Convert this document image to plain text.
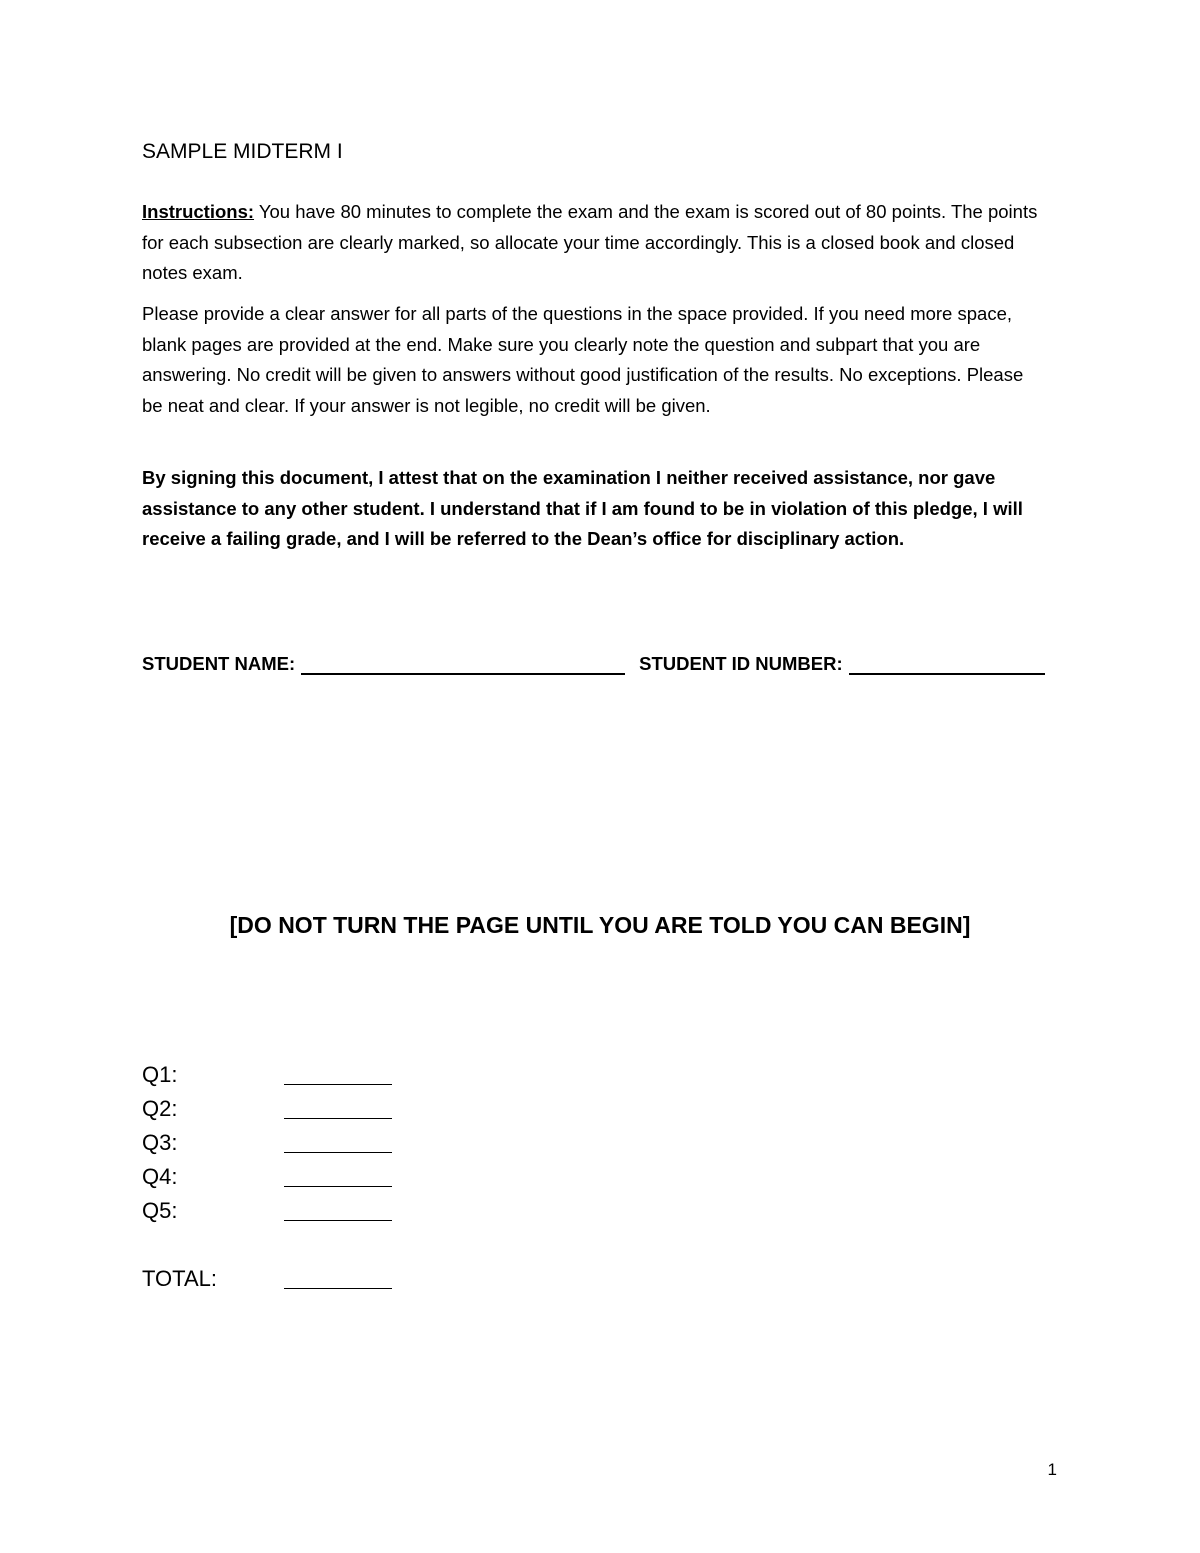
SAMPLE MIDTERM I
Instructions: You have 80 minutes to complete the exam and the exam is scored out of 80 points. The points for each subsection are clearly marked, so allocate your time accordingly. This is a closed book and closed notes exam.
Please provide a clear answer for all parts of the questions in the space provided. If you need more space, blank pages are provided at the end. Make sure you clearly note the question and subpart that you are answering. No credit will be given to answers without good justification of the results. No exceptions. Please be neat and clear. If your answer is not legible, no credit will be given.
By signing this document, I attest that on the examination I neither received assistance, nor gave assistance to any other student. I understand that if I am found to be in violation of this pledge, I will receive a failing grade, and I will be referred to the Dean’s office for disciplinary action.
STUDENT NAME:	STUDENT ID NUMBER:
[DO NOT TURN THE PAGE UNTIL YOU ARE TOLD YOU CAN BEGIN]
Q1:
Q2:
Q3:
Q4:
Q5:
TOTAL:
1
